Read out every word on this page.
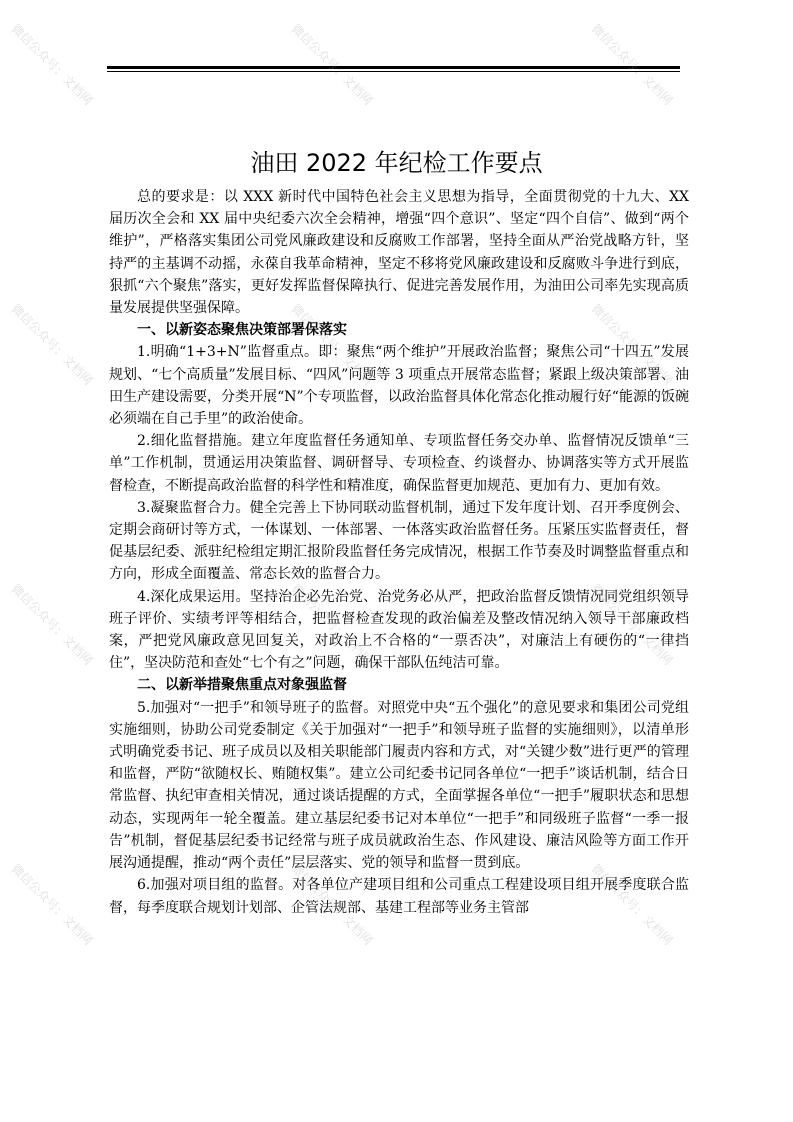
油田 2022 年纪检工作要点

总的要求是：以 XXX 新时代中国特色社会主义思想为指导，全面贯彻党的十九大、XX 届历次全会和 XX 届中央纪委六次全会精神，增强“四个意识”、坚定“四个自信”、做到“两个维护”，严格落实集团公司党风廉政建设和反腐败工作部署，坚持全面从严治党战略方针，坚持严的主基调不动摇，永葆自我革命精神，坚定不移将党风廉政建设和反腐败斗争进行到底，狠抓“六个聚焦”落实，更好发挥监督保障执行、促进完善发展作用，为油田公司率先实现高质量发展提供坚强保障。

一、以新姿态聚焦决策部署保落实

1.明确“1+3+N”监督重点。即：聚焦“两个维护”开展政治监督；聚焦公司“十四五”发展规划、“七个高质量”发展目标、“四风”问题等 3 项重点开展常态监督；紧跟上级决策部署、油田生产建设需要，分类开展“N”个专项监督，以政治监督具体化常态化推动履行好“能源的饭碗必须端在自己手里”的政治使命。

2.细化监督措施。建立年度监督任务通知单、专项监督任务交办单、监督情况反馈单“三单”工作机制，贯通运用决策监督、调研督导、专项检查、约谈督办、协调落实等方式开展监督检查，不断提高政治监督的科学性和精准度，确保监督更加规范、更加有力、更加有效。

3.凝聚监督合力。健全完善上下协同联动监督机制，通过下发年度计划、召开季度例会、定期会商研讨等方式，一体谋划、一体部署、一体落实政治监督任务。压紧压实监督责任，督促基层纪委、派驻纪检组定期汇报阶段监督任务完成情况，根据工作节奏及时调整监督重点和方向，形成全面覆盖、常态长效的监督合力。

4.深化成果运用。坚持治企必先治党、治党务必从严，把政治监督反馈情况同党组织领导班子评价、实绩考评等相结合，把监督检查发现的政治偏差及整改情况纳入领导干部廉政档案，严把党风廉政意见回复关，对政治上不合格的“一票否决”，对廉洁上有硬伤的“一律挡住”，坚决防范和查处“七个有之”问题，确保干部队伍纯洁可靠。

二、以新举措聚焦重点对象强监督

5.加强对“一把手”和领导班子的监督。对照党中央“五个强化”的意见要求和集团公司党组实施细则，协助公司党委制定《关于加强对“一把手”和领导班子监督的实施细则》，以清单形式明确党委书记、班子成员以及相关职能部门履责内容和方式，对“关键少数”进行更严的管理和监督，严防“欲随权长、贿随权集”。建立公司纪委书记同各单位“一把手”谈话机制，结合日常监督、执纪审查相关情况，通过谈话提醒的方式，全面掌握各单位“一把手”履职状态和思想动态，实现两年一轮全覆盖。建立基层纪委书记对本单位“一把手”和同级班子监督“一季一报告”机制，督促基层纪委书记经常与班子成员就政治生态、作风建设、廉洁风险等方面工作开展沟通提醒，推动“两个责任”层层落实、党的领导和监督一贯到底。

6.加强对项目组的监督。对各单位产建项目组和公司重点工程建设项目组开展季度联合监督，每季度联合规划计划部、企管法规部、基建工程部等业务主管部

微信公众号：文档网	微信公众号：文档网	微信公众号：文档网
微信公众号：文档网	微信公众号：文档网	微信公众号：文档网
微信公众号：文档网	微信公众号：文档网	微信公众号：文档网
微信公众号：文档网	微信公众号：文档网	微信公众号：文档网
